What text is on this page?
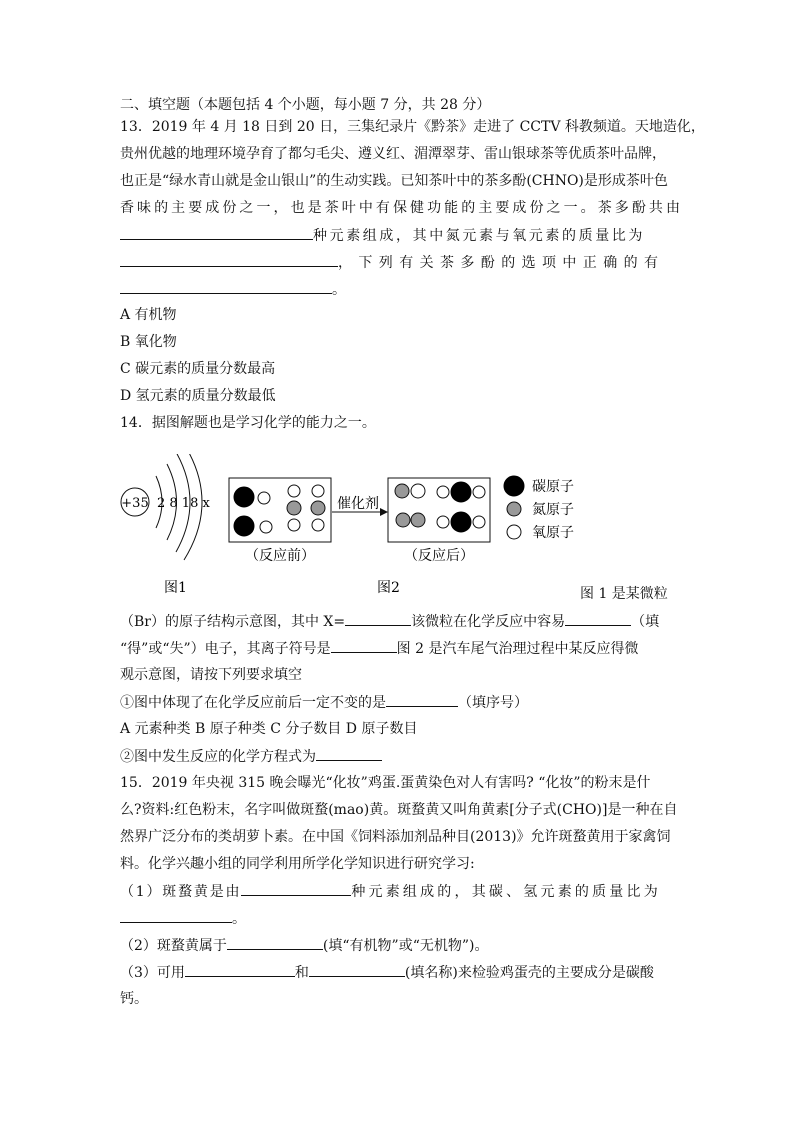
二、填空题（本题包括 4 个小题，每小题 7 分，共 28 分）
13．2019 年 4 月 18 日到 20 日，三集纪录片《黔茶》走进了 CCTV 科教频道。天地造化，
贵州优越的地理环境孕育了都匀毛尖、遵义红、湄潭翠芽、雷山银球茶等优质茶叶品牌，
也正是“绿水青山就是金山银山”的生动实践。已知茶叶中的茶多酚(CHNO)是形成茶叶色
香味的主要成份之一，也是茶叶中有保健功能的主要成份之一。茶多酚共由
种元素组成，其中氮元素与氧元素的质量比为
，下列有关茶多酚的选项中正确的有
。
A 有机物
B 氧化物
C 碳元素的质量分数最高
D 氢元素的质量分数最低
14．据图解题也是学习化学的能力之一。
+35 2 8 18 x
（反应前）
催化剂
（反应后）
碳原子
氮原子
氧原子
图1	图2	图 1 是某微粒
（Br）的原子结构示意图，其中 X=	该微粒在化学反应中容易	（填
“得”或“失”）电子，其离子符号是	图 2 是汽车尾气治理过程中某反应得微
观示意图，请按下列要求填空
①图中体现了在化学反应前后一定不变的是	（填序号）
A 元素种类 B 原子种类 C 分子数目 D 原子数目
②图中发生反应的化学方程式为
15．2019 年央视 315 晚会曝光“化妆”鸡蛋.蛋黄染色对人有害吗? “化妆”的粉末是什
么?资料:红色粉末，名字叫做斑蝥(mao)黄。斑蝥黄又叫角黄素[分子式(CHO)]是一种在自
然界广泛分布的类胡萝卜素。在中国《饲料添加剂品种目(2013)》允许斑蝥黄用于家禽饲
料。化学兴趣小组的同学利用所学化学知识进行研究学习:
（1）斑蝥黄是由	种元素组成的，其碳、氢元素的质量比为
。
（2）斑蝥黄属于	(填“有机物”或“无机物”)。
（3）可用	和	(填名称)来检验鸡蛋壳的主要成分是碳酸
钙。
